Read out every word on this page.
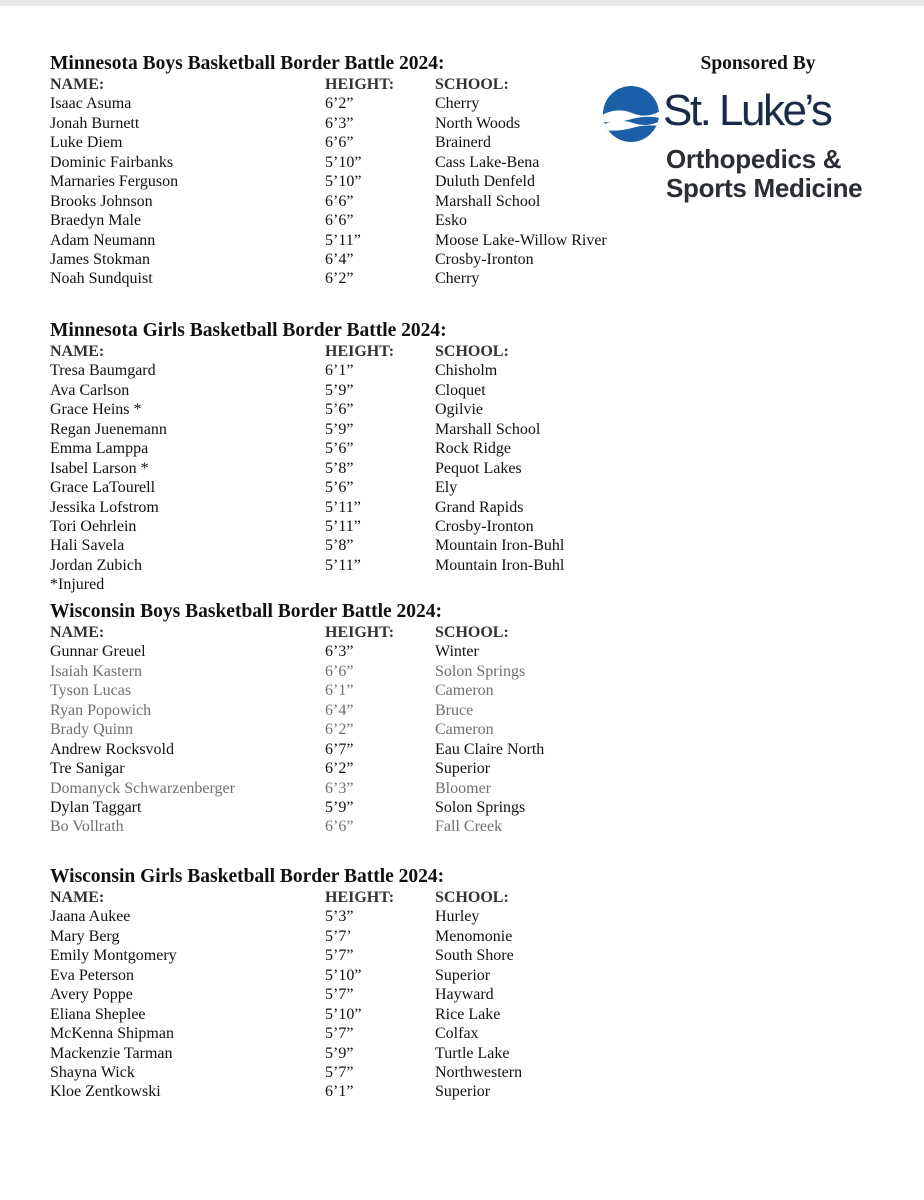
Sponsored By
St. Luke’s
Orthopedics &
Sports Medicine
Minnesota Boys Basketball Border Battle 2024:
NAME:	HEIGHT:	SCHOOL:
Isaac Asuma	6’2”	Cherry
Jonah Burnett	6’3”	North Woods
Luke Diem	6’6”	Brainerd
Dominic Fairbanks	5’10”	Cass Lake-Bena
Marnaries Ferguson	5’10”	Duluth Denfeld
Brooks Johnson	6’6”	Marshall School
Braedyn Male	6’6”	Esko
Adam Neumann	5’11”	Moose Lake-Willow River
James Stokman	6’4”	Crosby-Ironton
Noah Sundquist	6’2”	Cherry
Minnesota Girls Basketball Border Battle 2024:
NAME:	HEIGHT:	SCHOOL:
Tresa Baumgard	6’1”	Chisholm
Ava Carlson	5’9”	Cloquet
Grace Heins *	5’6”	Ogilvie
Regan Juenemann	5’9”	Marshall School
Emma Lamppa	5’6”	Rock Ridge
Isabel Larson *	5’8”	Pequot Lakes
Grace LaTourell	5’6”	Ely
Jessika Lofstrom	5’11”	Grand Rapids
Tori Oehrlein	5’11”	Crosby-Ironton
Hali Savela	5’8”	Mountain Iron-Buhl
Jordan Zubich	5’11”	Mountain Iron-Buhl
*Injured
Wisconsin Boys Basketball Border Battle 2024:
NAME:	HEIGHT:	SCHOOL:
Gunnar Greuel	6’3”	Winter
Isaiah Kastern	6’6”	Solon Springs
Tyson Lucas	6’1”	Cameron
Ryan Popowich	6’4”	Bruce
Brady Quinn	6’2”	Cameron
Andrew Rocksvold	6’7”	Eau Claire North
Tre Sanigar	6’2”	Superior
Domanyck Schwarzenberger	6’3”	Bloomer
Dylan Taggart	5’9”	Solon Springs
Bo Vollrath	6’6”	Fall Creek
Wisconsin Girls Basketball Border Battle 2024:
NAME:	HEIGHT:	SCHOOL:
Jaana Aukee	5’3”	Hurley
Mary Berg	5’7’	Menomonie
Emily Montgomery	5’7”	South Shore
Eva Peterson	5’10”	Superior
Avery Poppe	5’7”	Hayward
Eliana Sheplee	5’10”	Rice Lake
McKenna Shipman	5’7”	Colfax
Mackenzie Tarman	5’9”	Turtle Lake
Shayna Wick	5’7”	Northwestern
Kloe Zentkowski	6’1”	Superior
